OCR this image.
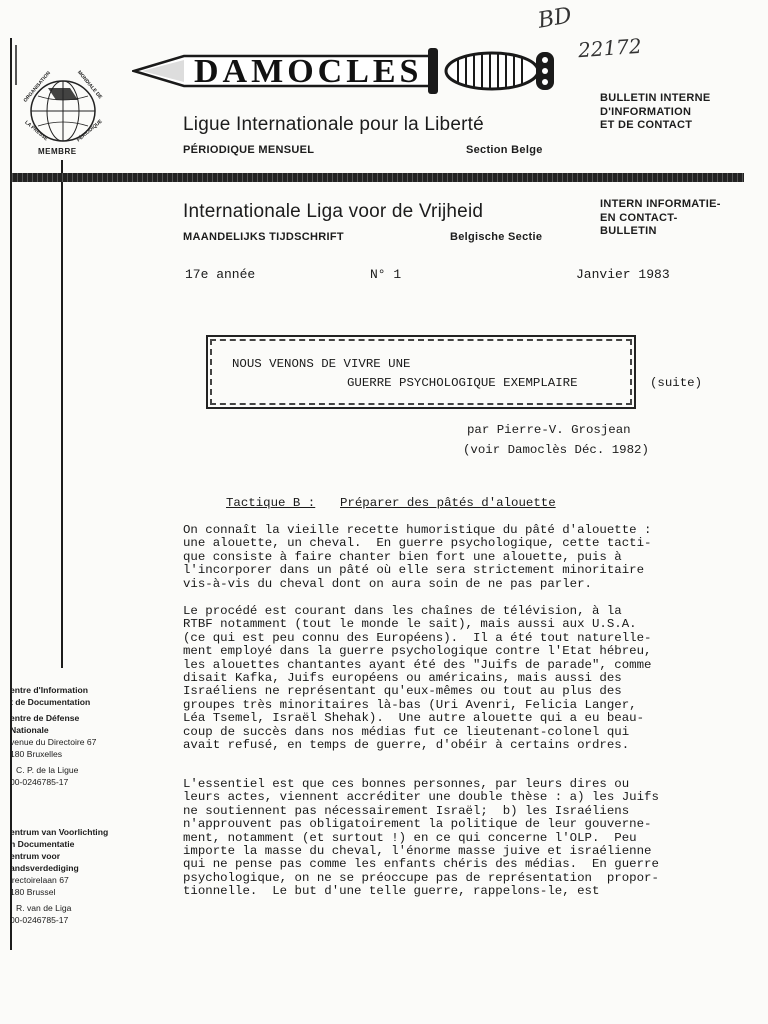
BD
22172
ORGANISATION	MONDIALE DE
LA PRESSE	PÉRIODIQUE
MEMBRE
DAMOCLES
Ligue Internationale pour la Liberté
PÉRIODIQUE MENSUEL	Section Belge
BULLETIN INTERNE
D'INFORMATION
ET DE CONTACT
Internationale Liga voor de Vrijheid
MAANDELIJKS TIJDSCHRIFT	Belgische Sectie
INTERN INFORMATIE-
EN CONTACT-
BULLETIN
17e année	N° 1	Janvier 1983
NOUS VENONS DE VIVRE UNE
GUERRE PSYCHOLOGIQUE EXEMPLAIRE	(suite)
par Pierre-V. Grosjean
(voir Damoclès Déc. 1982)
Tactique B : Préparer des pâtés d'alouette

On connaît la vieille recette humoristique du pâté d'alouette :

une alouette, un cheval.  En guerre psychologique, cette tacti-

que consiste à faire chanter bien fort une alouette, puis à

l'incorporer dans un pâté où elle sera strictement minoritaire

vis-à-vis du cheval dont on aura soin de ne pas parler.

Le procédé est courant dans les chaînes de télévision, à la

RTBF notamment (tout le monde le sait), mais aussi aux U.S.A.

(ce qui est peu connu des Européens).  Il a été tout naturelle-

ment employé dans la guerre psychologique contre l'Etat hébreu,

les alouettes chantantes ayant été des "Juifs de parade", comme

disait Kafka, Juifs européens ou américains, mais aussi des

Israéliens ne représentant qu'eux-mêmes ou tout au plus des

groupes très minoritaires là-bas (Uri Avenri, Felicia Langer,

Léa Tsemel, Israël Shehak).  Une autre alouette qui a eu beau-

coup de succès dans nos médias fut ce lieutenant-colonel qui

avait refusé, en temps de guerre, d'obéir à certains ordres.

L'essentiel est que ces bonnes personnes, par leurs dires ou

leurs actes, viennent accréditer une double thèse : a) les Juifs

ne soutiennent pas nécessairement Israël;  b) les Israéliens

n'approuvent pas obligatoirement la politique de leur gouverne-

ment, notamment (et surtout !) en ce qui concerne l'OLP.  Peu

importe la masse du cheval, l'énorme masse juive et israélienne

qui ne pense pas comme les enfants chéris des médias.  En guerre

psychologique, on ne se préoccupe pas de représentation  propor-

tionnelle.  Le but d'une telle guerre, rappelons-le, est

entre d'Information
t de Documentation
entre de Défense
Nationale
venue du Directoire 67
180 Bruxelles
C. P. de la Ligue
00-0246785-17
entrum van Voorlichting
n Documentatie
entrum voor
andsverdediging
irectoirelaan 67
180 Brussel
R. van de Liga
00-0246785-17
